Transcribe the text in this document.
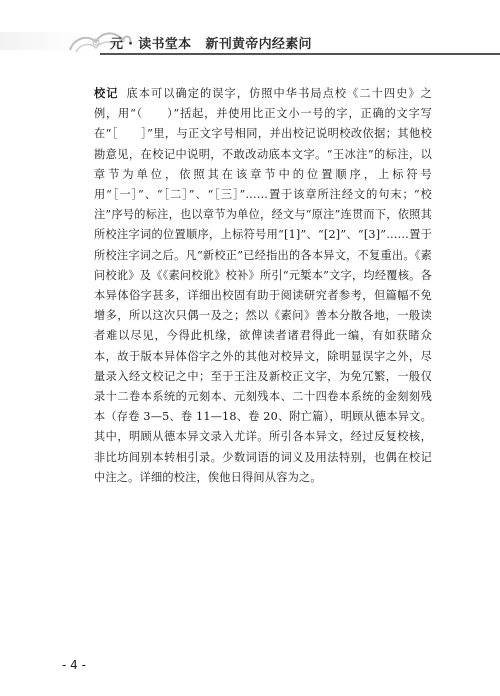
元 · 读书堂本 新刊黄帝内经素问
校记 底本可以确定的误字，仿照中华书局点校《二十四史》之例，用“（　　）”括起，并使用比正文小一号的字，正确的文字写在“［　　］”里，与正文字号相同，并出校记说明校改依据；其他校勘意见，在校记中说明，不敢改动底本文字。“王冰注”的标注，以章节为单位，依照其在该章节中的位置顺序，上标符号用“［一］”、“［二］”、“［三］”……置于该章所注经文的句末；“校注”序号的标注，也以章节为单位，经文与“原注”连贯而下，依照其所校注字词的位置顺序，上标符号用“[1]”、“[2]”、“[3]”……置于所校注字词之后。凡“新校正”已经指出的各本异文，不复重出。《素问校讹》及《《素问校讹》校补》所引“元椠本”文字，均经覆核。各本异体俗字甚多，详细出校固有助于阅读研究者参考，但篇幅不免增多，所以这次只偶一及之；然以《素问》善本分散各地，一般读者难以尽见，今得此机缘，欲俾读者诸君得此一编，有如获睹众本，故于版本异体俗字之外的其他对校异文，除明显误字之外，尽量录入经文校记之中；至于王注及新校正文字，为免冗繁，一般仅录十二卷本系统的元刻本、元刻残本、二十四卷本系统的金刻刻残本（存卷 3—5、卷 11—18、卷 20、附亡篇），明顾从德本异文。其中，明顾从德本异文录入尤详。所引各本异文，经过反复校核，非比坊间别本转相引录。少数词语的词义及用法特别，也偶在校记中注之。详细的校注，俟他日得间从容为之。
- 4 -
